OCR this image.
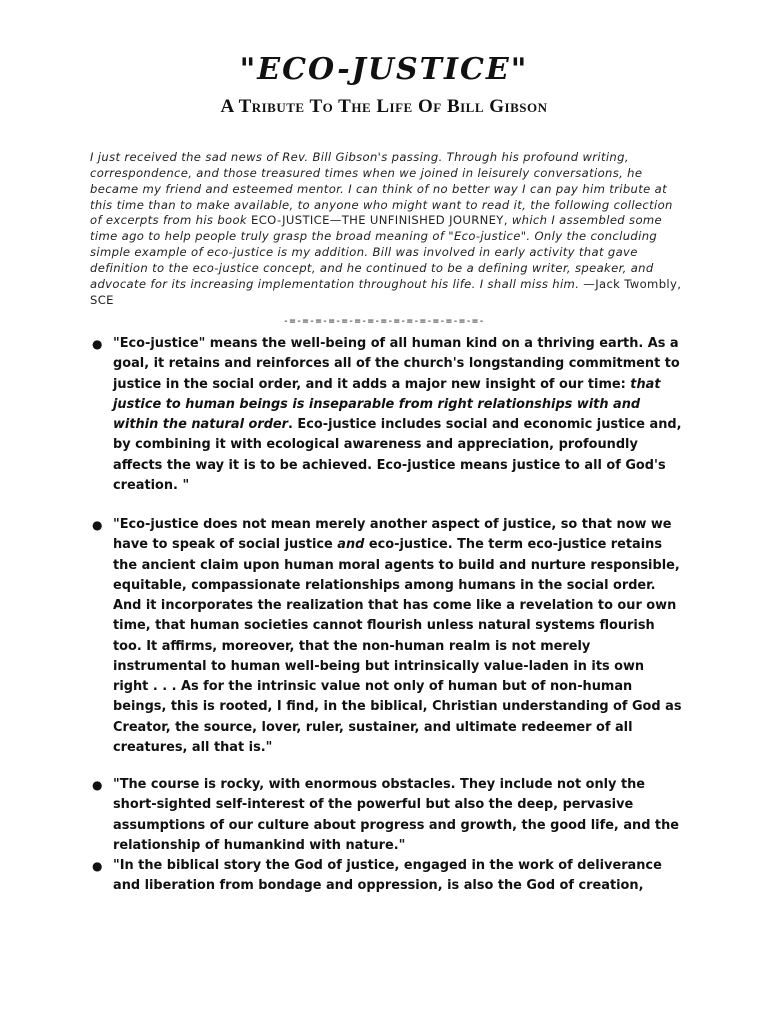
"ECO-JUSTICE"
A Tribute To The Life Of Bill Gibson

I just received the sad news of Rev. Bill Gibson's passing. Through his profound writing, correspondence, and those treasured times when we joined in leisurely conversations, he became my friend and esteemed mentor. I can think of no better way I can pay him tribute at this time than to make available, to anyone who might want to read it, the following collection of excerpts from his book ECO-JUSTICE—THE UNFINISHED JOURNEY, which I assembled some time ago to help people truly grasp the broad meaning of "Eco-justice". Only the concluding simple example of eco-justice is my addition. Bill was involved in early activity that gave definition to the eco-justice concept, and he continued to be a defining writer, speaker, and advocate for its increasing implementation throughout his life. I shall miss him. —Jack Twombly, SCE

-=-=-=-=-=-=-=-=-=-=-=-=-=-=-=-
● "Eco-justice" means the well-being of all human kind on a thriving earth. As a goal, it retains and reinforces all of the church's longstanding commitment to justice in the social order, and it adds a major new insight of our time: that justice to human beings is inseparable from right relationships with and within the natural order. Eco-justice includes social and economic justice and, by combining it with ecological awareness and appreciation, profoundly affects the way it is to be achieved. Eco-justice means justice to all of God's creation. "
● "Eco-justice does not mean merely another aspect of justice, so that now we have to speak of social justice and eco-justice. The term eco-justice retains the ancient claim upon human moral agents to build and nurture responsible, equitable, compassionate relationships among humans in the social order. And it incorporates the realization that has come like a revelation to our own time, that human societies cannot flourish unless natural systems flourish too. It affirms, moreover, that the non-human realm is not merely instrumental to human well-being but intrinsically value-laden in its own right . . . As for the intrinsic value not only of human but of non-human beings, this is rooted, I find, in the biblical, Christian understanding of God as Creator, the source, lover, ruler, sustainer, and ultimate redeemer of all creatures, all that is."
● "The course is rocky, with enormous obstacles. They include not only the short-sighted self-interest of the powerful but also the deep, pervasive assumptions of our culture about progress and growth, the good life, and the relationship of humankind with nature."
● "In the biblical story the God of justice, engaged in the work of deliverance and liberation from bondage and oppression, is also the God of creation,
